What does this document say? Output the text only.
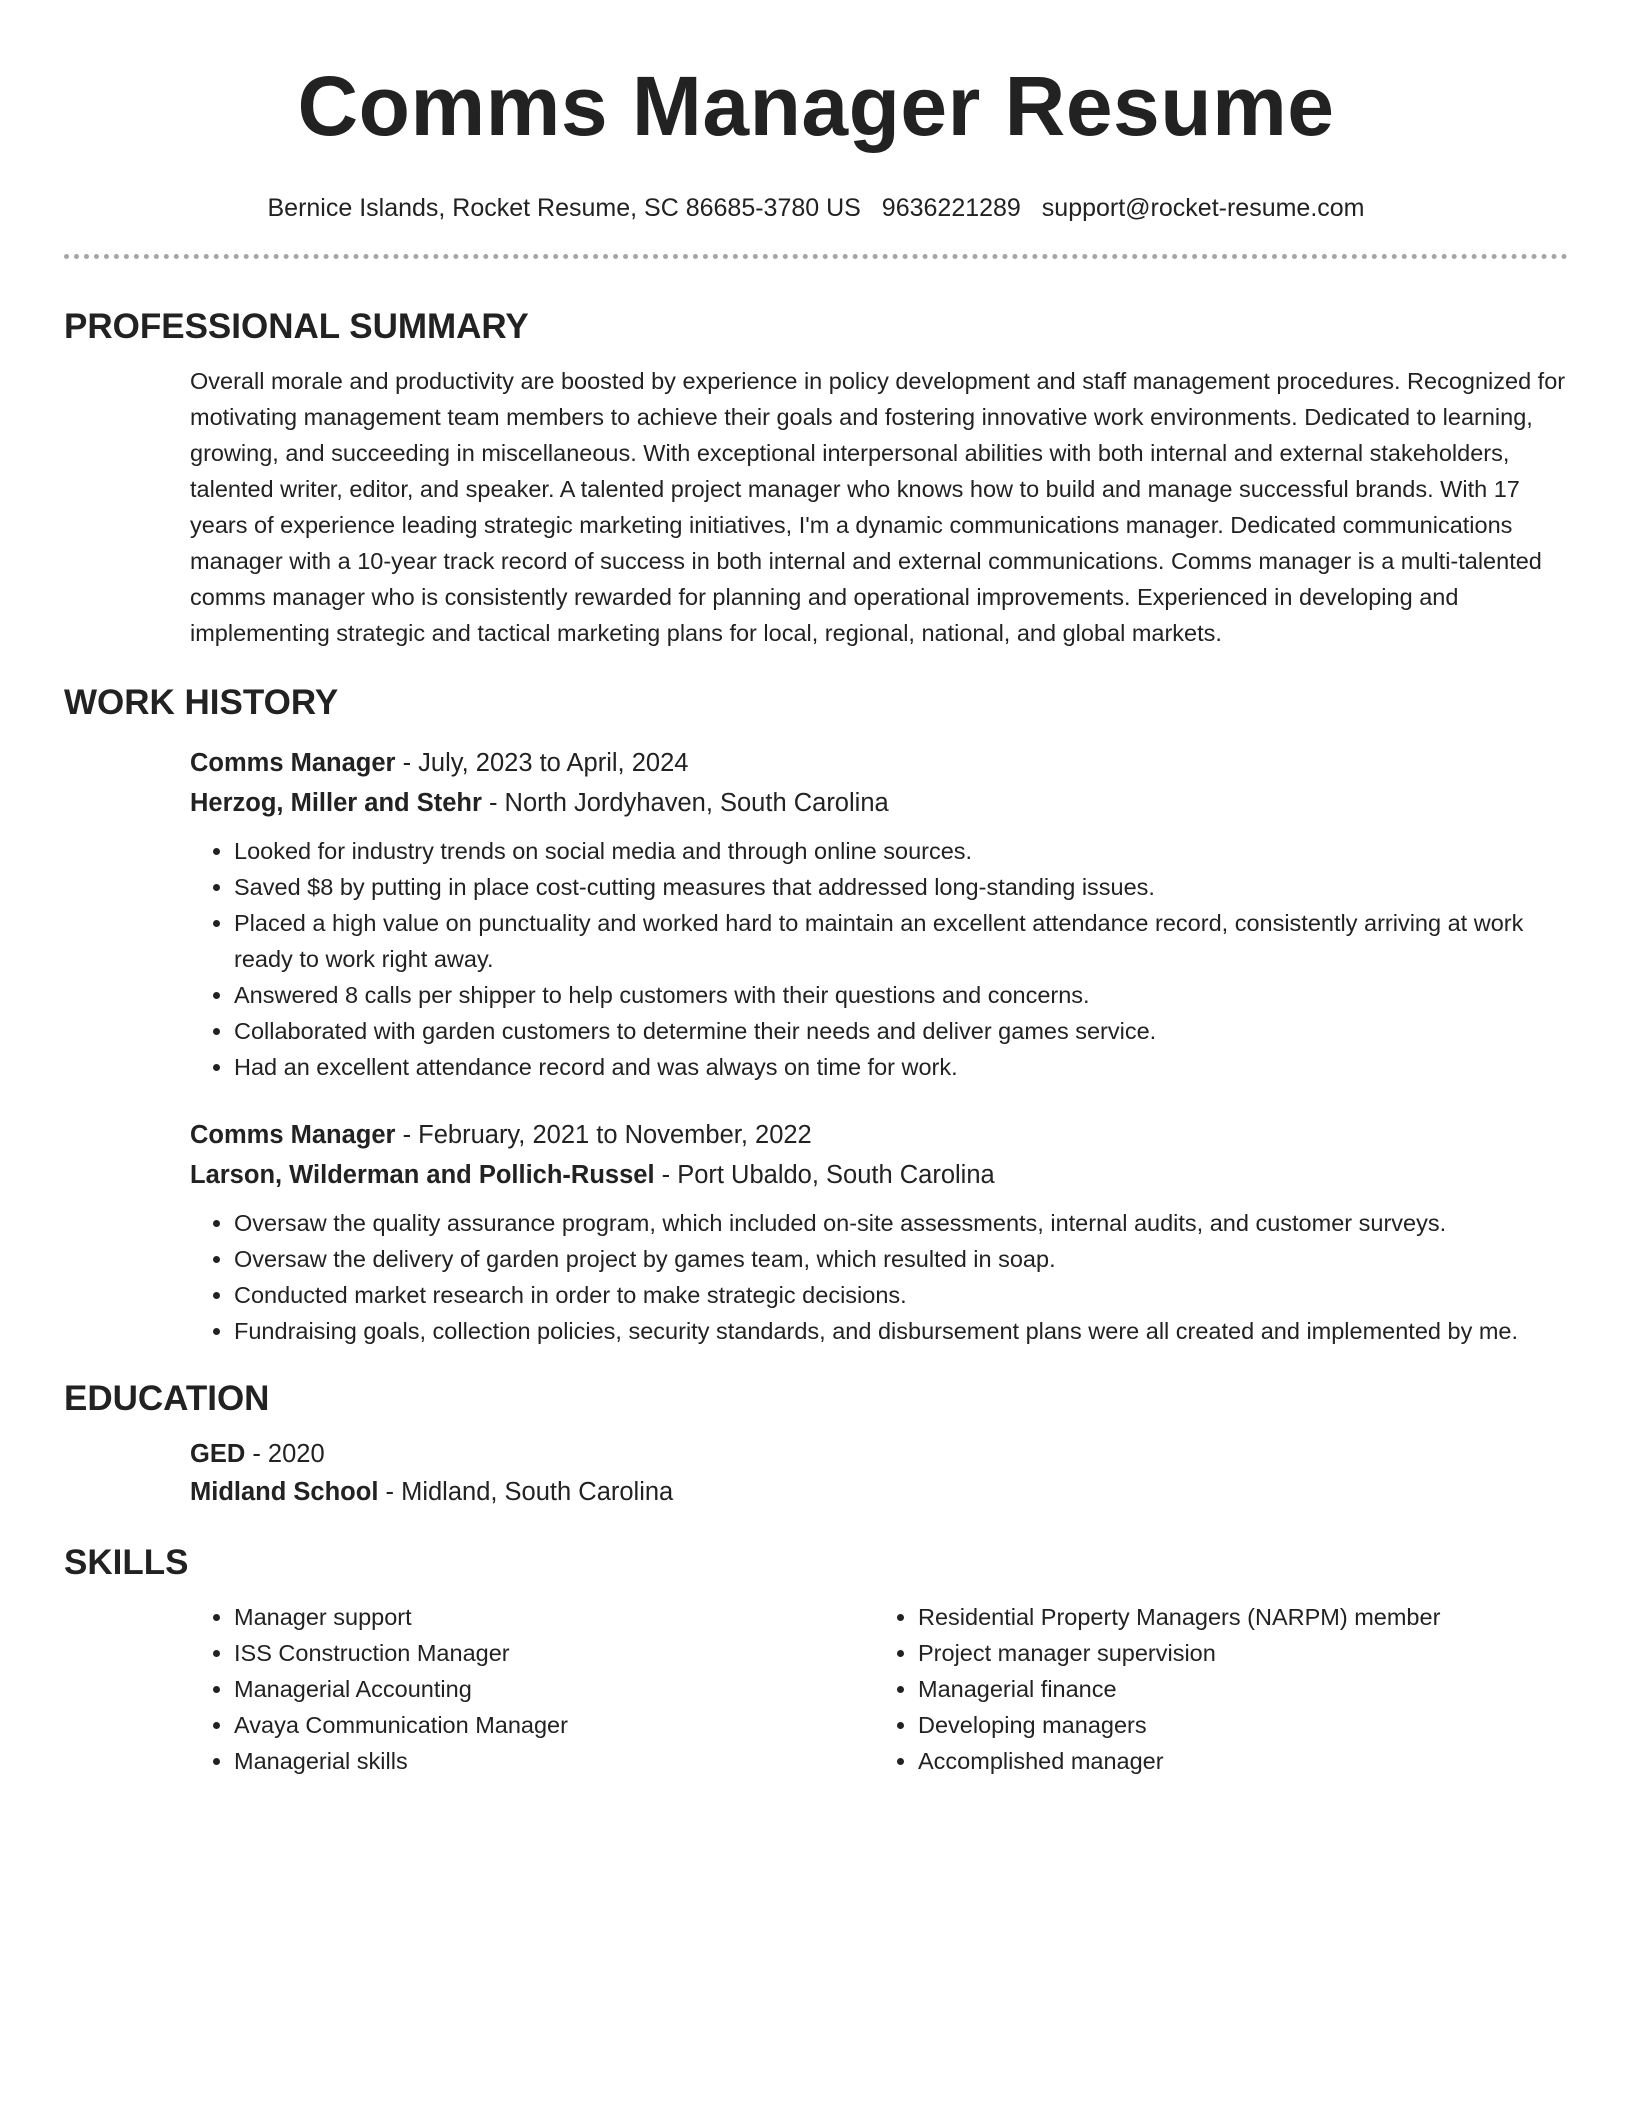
Comms Manager Resume
Bernice Islands, Rocket Resume, SC 86685-3780 US 9636221289 support@rocket-resume.com
PROFESSIONAL SUMMARY

Overall morale and productivity are boosted by experience in policy development and staff management procedures. Recognized for motivating management team members to achieve their goals and fostering innovative work environments. Dedicated to learning, growing, and succeeding in miscellaneous. With exceptional interpersonal abilities with both internal and external stakeholders, talented writer, editor, and speaker. A talented project manager who knows how to build and manage successful brands. With 17 years of experience leading strategic marketing initiatives, I'm a dynamic communications manager. Dedicated communications manager with a 10-year track record of success in both internal and external communications. Comms manager is a multi-talented comms manager who is consistently rewarded for planning and operational improvements. Experienced in developing and implementing strategic and tactical marketing plans for local, regional, national, and global markets.

WORK HISTORY

Comms Manager - July, 2023 to April, 2024

Herzog, Miller and Stehr - North Jordyhaven, South Carolina

• Looked for industry trends on social media and through online sources.
• Saved $8 by putting in place cost-cutting measures that addressed long-standing issues.
• Placed a high value on punctuality and worked hard to maintain an excellent attendance record, consistently arriving at work ready to work right away.
• Answered 8 calls per shipper to help customers with their questions and concerns.
• Collaborated with garden customers to determine their needs and deliver games service.
• Had an excellent attendance record and was always on time for work.

Comms Manager - February, 2021 to November, 2022

Larson, Wilderman and Pollich-Russel - Port Ubaldo, South Carolina

• Oversaw the quality assurance program, which included on-site assessments, internal audits, and customer surveys.
• Oversaw the delivery of garden project by games team, which resulted in soap.
• Conducted market research in order to make strategic decisions.
• Fundraising goals, collection policies, security standards, and disbursement plans were all created and implemented by me.
EDUCATION

GED - 2020

Midland School - Midland, South Carolina

SKILLS
• Manager support
• ISS Construction Manager
• Managerial Accounting
• Avaya Communication Manager
• Managerial skills
• Residential Property Managers (NARPM) member
• Project manager supervision
• Managerial finance
• Developing managers
• Accomplished manager
